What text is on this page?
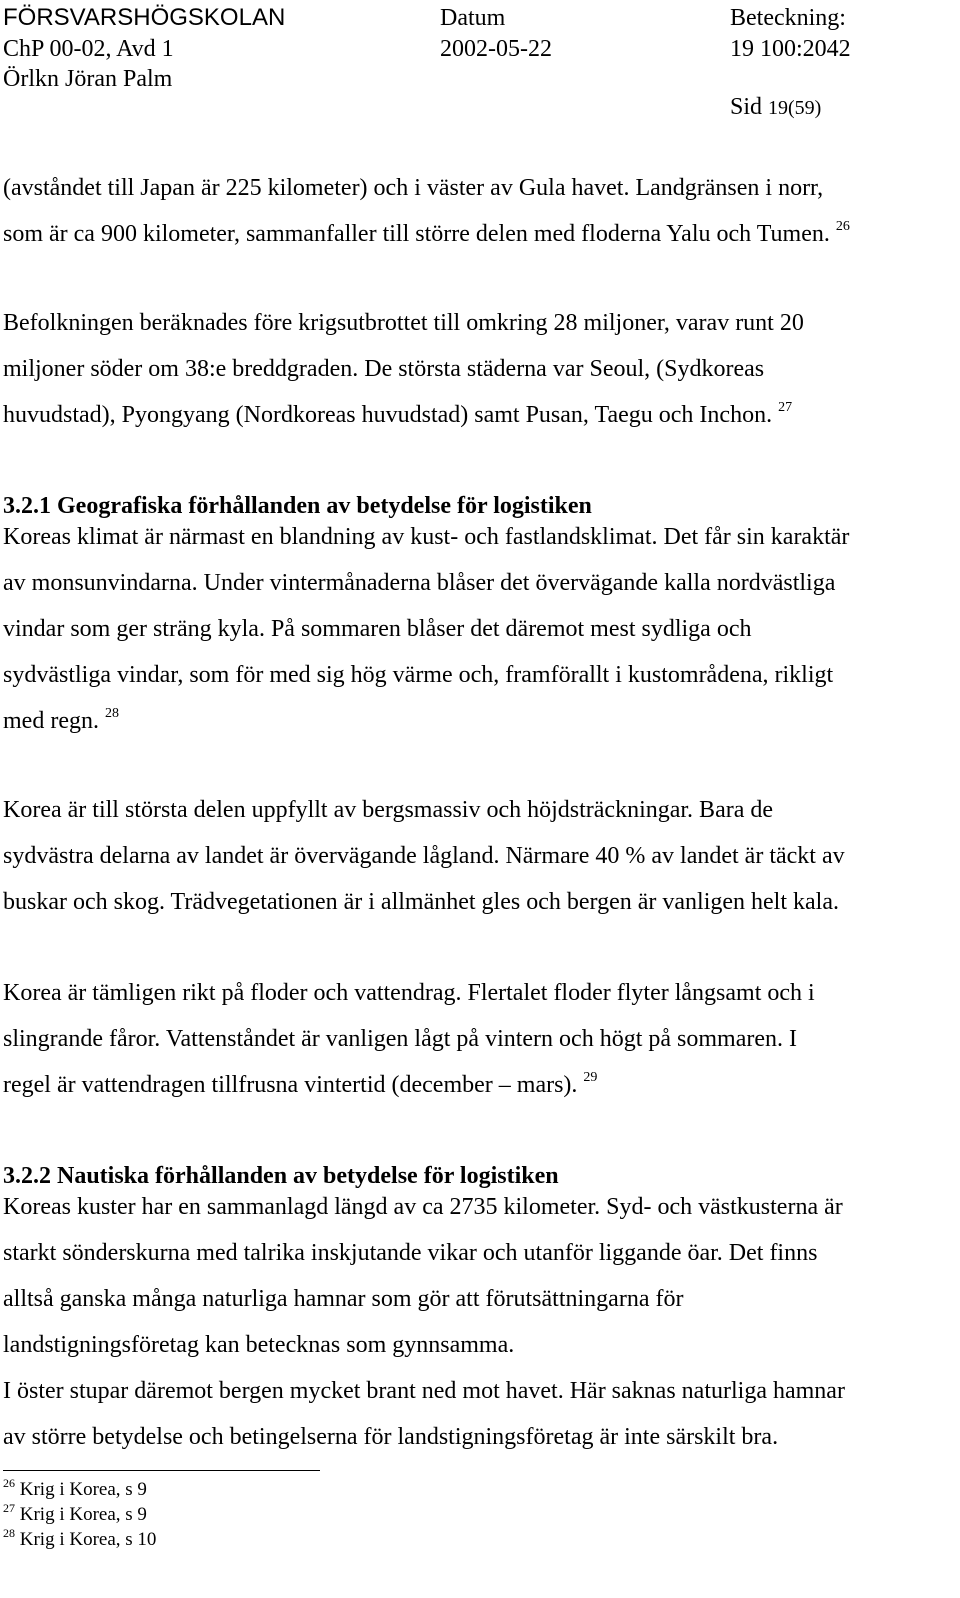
FÖRSVARSHÖGSKOLAN
ChP 00-02, Avd 1
Örlkn Jöran Palm
Datum
2002-05-22
Beteckning:
19 100:2042
Sid 19(59)

(avståndet till Japan är 225 kilometer) och i väster av Gula havet. Landgränsen i norr,

som är ca 900 kilometer, sammanfaller till större delen med floderna Yalu och Tumen. $^{26}$

Befolkningen beräknades före krigsutbrottet till omkring 28 miljoner, varav runt 20

miljoner söder om 38:e breddgraden. De största städerna var Seoul, (Sydkoreas

huvudstad), Pyongyang (Nordkoreas huvudstad) samt Pusan, Taegu och Inchon. $^{27}$

3.2.1 Geografiska förhållanden av betydelse för logistiken

Koreas klimat är närmast en blandning av kust- och fastlandsklimat. Det får sin karaktär

av monsunvindarna. Under vintermånaderna blåser det övervägande kalla nordvästliga

vindar som ger sträng kyla. På sommaren blåser det däremot mest sydliga och

sydvästliga vindar, som för med sig hög värme och, framförallt i kustområdena, rikligt

med regn. $^{28}$

Korea är till största delen uppfyllt av bergsmassiv och höjdsträckningar. Bara de

sydvästra delarna av landet är övervägande lågland. Närmare 40 % av landet är täckt av

buskar och skog. Trädvegetationen är i allmänhet gles och bergen är vanligen helt kala.

Korea är tämligen rikt på floder och vattendrag. Flertalet floder flyter långsamt och i

slingrande fåror. Vattenståndet är vanligen lågt på vintern och högt på sommaren. I

regel är vattendragen tillfrusna vintertid (december – mars). $^{29}$

3.2.2 Nautiska förhållanden av betydelse för logistiken

Koreas kuster har en sammanlagd längd av ca 2735 kilometer. Syd- och västkusterna är

starkt sönderskurna med talrika inskjutande vikar och utanför liggande öar. Det finns

alltså ganska många naturliga hamnar som gör att förutsättningarna för

landstigningsföretag kan betecknas som gynnsamma.

I öster stupar däremot bergen mycket brant ned mot havet. Här saknas naturliga hamnar

av större betydelse och betingelserna för landstigningsföretag är inte särskilt bra.

$^{26}$ Krig i Korea, s 9
$^{27}$ Krig i Korea, s 9
$^{28}$ Krig i Korea, s 10
